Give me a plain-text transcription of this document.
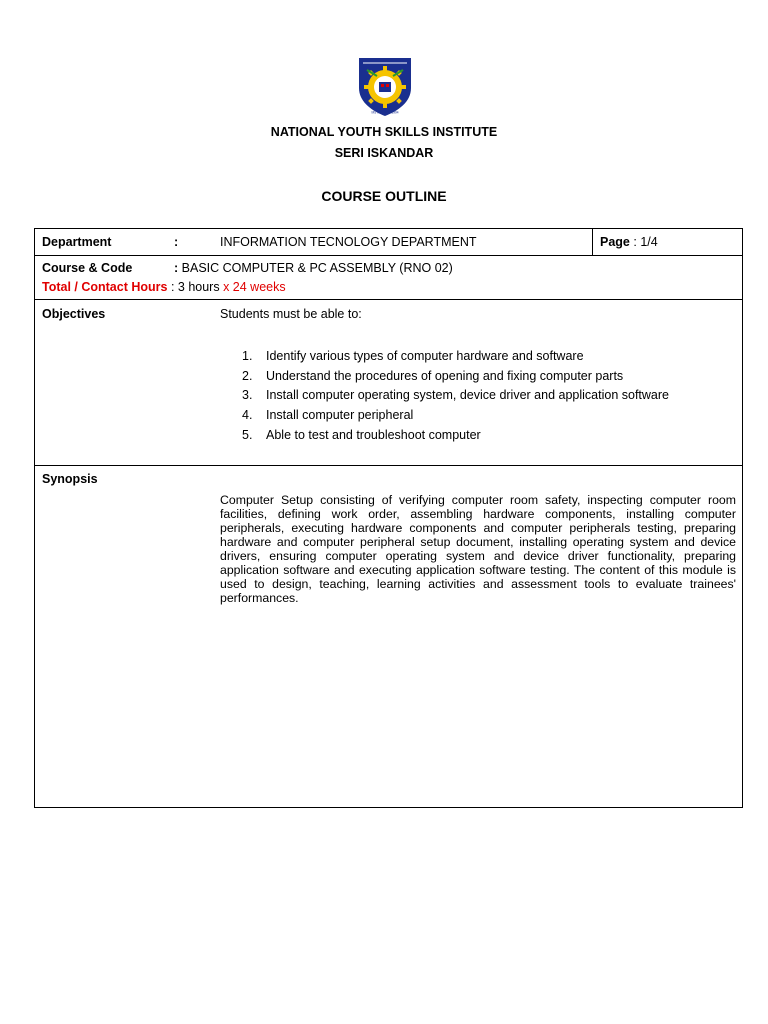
MS ISO 9002:1994
NATIONAL YOUTH SKILLS INSTITUTE
SERI ISKANDAR
COURSE OUTLINE
Department	:	INFORMATION TECNOLOGY DEPARTMENT	Page : 1/4
Course & Code	: BASIC COMPUTER & PC ASSEMBLY (RNO 02)
Total / Contact Hours : 3 hours x 24 weeks
Objectives	Students must be able to:
1. Identify various types of computer hardware and software
2. Understand the procedures of opening and fixing computer parts
3. Install computer operating system, device driver and application software
4. Install computer peripheral
5. Able to test and troubleshoot computer
Synopsis
Computer Setup consisting of verifying computer room safety, inspecting computer room facilities, defining work order, assembling hardware components, installing computer peripherals, executing hardware components and computer peripherals testing, preparing hardware and computer peripheral setup document, installing operating system and device drivers, ensuring computer operating system and device driver functionality, preparing application software and executing application software testing. The content of this module is used to design, teaching, learning activities and assessment tools to evaluate trainees' performances.
